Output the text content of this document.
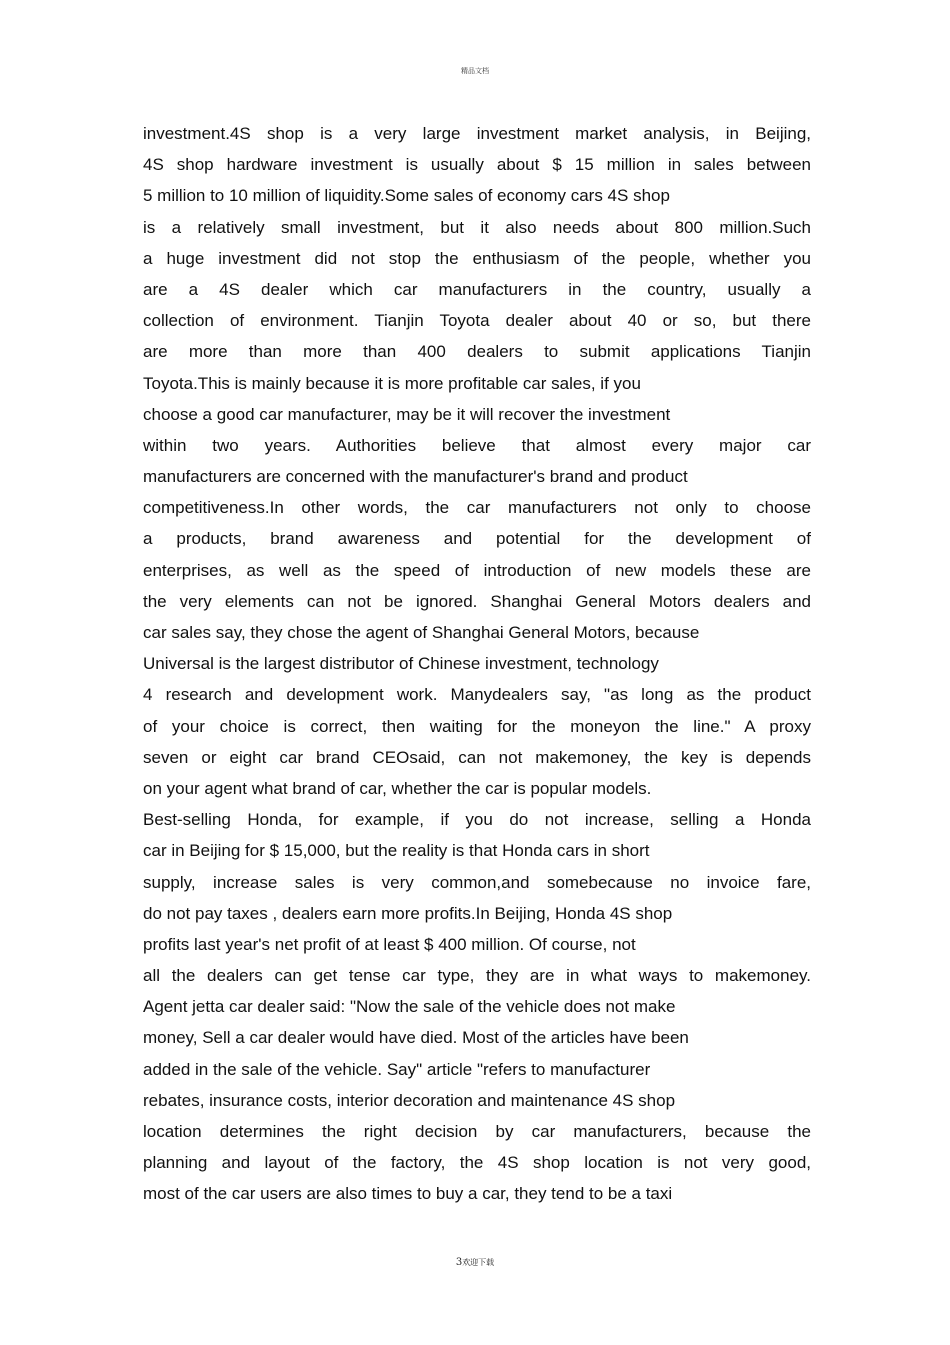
精品文档
investment.4S shop is a very large investment market analysis, in Beijing,
4S shop hardware investment is usually about $ 15 million in sales between
5 million to 10 million of liquidity.Some sales of economy cars 4S shop
is a relatively small investment, but it also needs about 800 million.Such
a huge investment did not stop the enthusiasm of the people, whether you
are a 4S dealer which car manufacturers in the country, usually a
collection of environment. Tianjin Toyota dealer about 40 or so, but there
are more than more than 400 dealers to submit applications Tianjin
Toyota.This is mainly because it is more profitable car sales, if you
choose a good car manufacturer, may be it will recover the investment
within two years. Authorities believe that almost every major car
manufacturers are concerned with the manufacturer's brand and product
competitiveness.In other words, the car manufacturers not only to choose
a products, brand awareness and potential for the development of
enterprises, as well as the speed of introduction of new models these are
the very elements can not be ignored. Shanghai General Motors dealers and
car sales say, they chose the agent of Shanghai General Motors, because
Universal is the largest distributor of Chinese investment, technology
4 research and development work. Manydealers say, "as long as the product
of your choice is correct, then waiting for the moneyon the line." A proxy
seven or eight car brand CEOsaid, can not makemoney, the key is depends
on your agent what brand of car, whether the car is popular models.
Best-selling Honda, for example, if you do not increase, selling a Honda
car in Beijing for $ 15,000, but the reality is that Honda cars in short
supply, increase sales is very common,and somebecause no invoice fare,
do not pay taxes , dealers earn more profits.In Beijing, Honda 4S shop
profits last year's net profit of at least $ 400 million. Of course, not
all the dealers can get tense car type, they are in what ways to makemoney.
Agent jetta car dealer said: "Now the sale of the vehicle does not make
money, Sell a car dealer would have died. Most of the articles have been
added in the sale of the vehicle. Say" article "refers to manufacturer
rebates, insurance costs, interior decoration and maintenance 4S shop
location determines the right decision by car manufacturers, because the
planning and layout of the factory, the 4S shop location is not very good,
most of the car users are also times to buy a car, they tend to be a taxi
3欢迎下载
